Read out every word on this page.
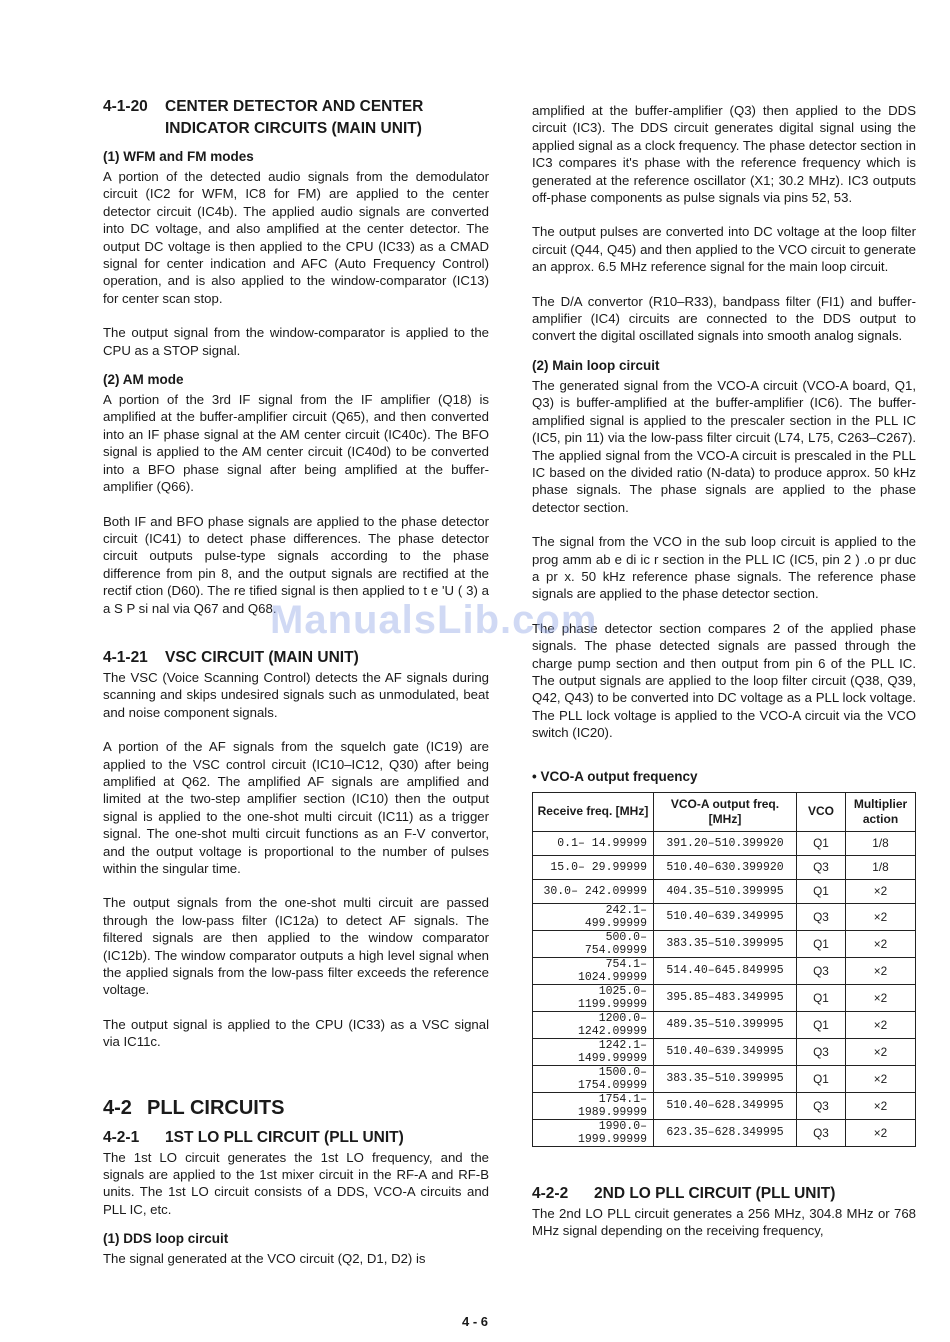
4-1-20 CENTER DETECTOR AND CENTER
INDICATOR CIRCUITS (MAIN UNIT)
(1) WFM and FM modes

A portion of the detected audio signals from the demodulator circuit (IC2 for WFM, IC8 for FM) are applied to the center detector circuit (IC4b). The applied audio signals are converted into DC voltage, and also amplified at the center detector. The output DC voltage is then applied to the CPU (IC33) as a CMAD signal for center indication and AFC (Auto Frequency Control) operation, and is also applied to the window-comparator (IC13) for center scan stop.

The output signal from the window-comparator is applied to the CPU as a STOP signal.

(2) AM mode

A portion of the 3rd IF signal from the IF amplifier (Q18) is amplified at the buffer-amplifier circuit (Q65), and then converted into an IF phase signal at the AM center circuit (IC40c). The BFO signal is applied to the AM center circuit (IC40d) to be converted into a BFO phase signal after being amplified at the buffer-amplifier (Q66).

Both IF and BFO phase signals are applied to the phase detector circuit (IC41) to detect phase differences. The phase detector circuit outputs pulse-type signals according to the phase difference from pin 8, and the output signals are rectified at the rectif ction (D60). The re tified signal is then applied to t e 'U ( 3) a a S P si nal via Q67 and Q68.

4-1-21 VSC CIRCUIT (MAIN UNIT)

The VSC (Voice Scanning Control) detects the AF signals during scanning and skips undesired signals such as unmodulated, beat and noise component signals.

A portion of the AF signals from the squelch gate (IC19) are applied to the VSC control circuit (IC10–IC12, Q30) after being amplified at Q62. The amplified AF signals are amplified and limited at the two-step amplifier section (IC10) then the output signal is applied to the one-shot multi circuit (IC11) as a trigger signal. The one-shot multi circuit functions as an F-V convertor, and the output voltage is proportional to the number of pulses within the singular time.

The output signals from the one-shot multi circuit are passed through the low-pass filter (IC12a) to detect AF signals. The filtered signals are then applied to the window comparator (IC12b). The window comparator outputs a high level signal when the applied signals from the low-pass filter exceeds the reference voltage.

The output signal is applied to the CPU (IC33) as a VSC signal via IC11c.

4-2 PLL CIRCUITS
4-2-1 1ST LO PLL CIRCUIT (PLL UNIT)

The 1st LO circuit generates the 1st LO frequency, and the signals are applied to the 1st mixer circuit in the RF-A and RF-B units. The 1st LO circuit consists of a DDS, VCO-A circuits and PLL IC, etc.

(1) DDS loop circuit

The signal generated at the VCO circuit (Q2, D1, D2) is

amplified at the buffer-amplifier (Q3) then applied to the DDS circuit (IC3). The DDS circuit generates digital signal using the applied signal as a clock frequency. The phase detector section in IC3 compares it's phase with the reference frequency which is generated at the reference oscillator (X1; 30.2 MHz). IC3 outputs off-phase components as pulse signals via pins 52, 53.

The output pulses are converted into DC voltage at the loop filter circuit (Q44, Q45) and then applied to the VCO circuit to generate an approx. 6.5 MHz reference signal for the main loop circuit.

The D/A convertor (R10–R33), bandpass filter (FI1) and buffer-amplifier (IC4) circuits are connected to the DDS output to convert the digital oscillated signals into smooth analog signals.

(2) Main loop circuit

The generated signal from the VCO-A circuit (VCO-A board, Q1, Q3) is buffer-amplified at the buffer-amplifier (IC6). The buffer-amplified signal is applied to the prescaler section in the PLL IC (IC5, pin 11) via the low-pass filter circuit (L74, L75, C263–C267). The applied signal from the VCO-A circuit is prescaled in the PLL IC based on the divided ratio (N-data) to produce approx. 50 kHz phase signals. The phase signals are applied to the phase detector section.

The signal from the VCO in the sub loop circuit is applied to the prog amm ab e di ic r section in the PLL IC (IC5, pin 2 ) .o pr duc a pr x. 50 kHz reference phase signals. The reference phase signals are applied to the phase detector section.

The phase detector section compares 2 of the applied phase signals. The phase detected signals are passed through the charge pump section and then output from pin 6 of the PLL IC. The output signals are applied to the loop filter circuit (Q38, Q39, Q42, Q43) to be converted into DC voltage as a PLL lock voltage. The PLL lock voltage is applied to the VCO-A circuit via the VCO switch (IC20).

• VCO-A output frequency
Receive freq. [MHz]	VCO-A output freq. [MHz]	VCO	Multiplier action
0.1– 14.99999	391.20–510.399920	Q1	1/8
15.0– 29.99999	510.40–630.399920	Q3	1/8
30.0– 242.09999	404.35–510.399995	Q1	×2
242.1– 499.99999	510.40–639.349995	Q3	×2
500.0– 754.09999	383.35–510.399995	Q1	×2
754.1–1024.99999	514.40–645.849995	Q3	×2
1025.0–1199.99999	395.85–483.349995	Q1	×2
1200.0–1242.09999	489.35–510.399995	Q1	×2
1242.1–1499.99999	510.40–639.349995	Q3	×2
1500.0–1754.09999	383.35–510.399995	Q1	×2
1754.1–1989.99999	510.40–628.349995	Q3	×2
1990.0–1999.99999	623.35–628.349995	Q3	×2
4-2-2 2ND LO PLL CIRCUIT (PLL UNIT)

The 2nd LO PLL circuit generates a 256 MHz, 304.8 MHz or 768 MHz signal depending on the receiving frequency,

ManualsLib.com
4 - 6
